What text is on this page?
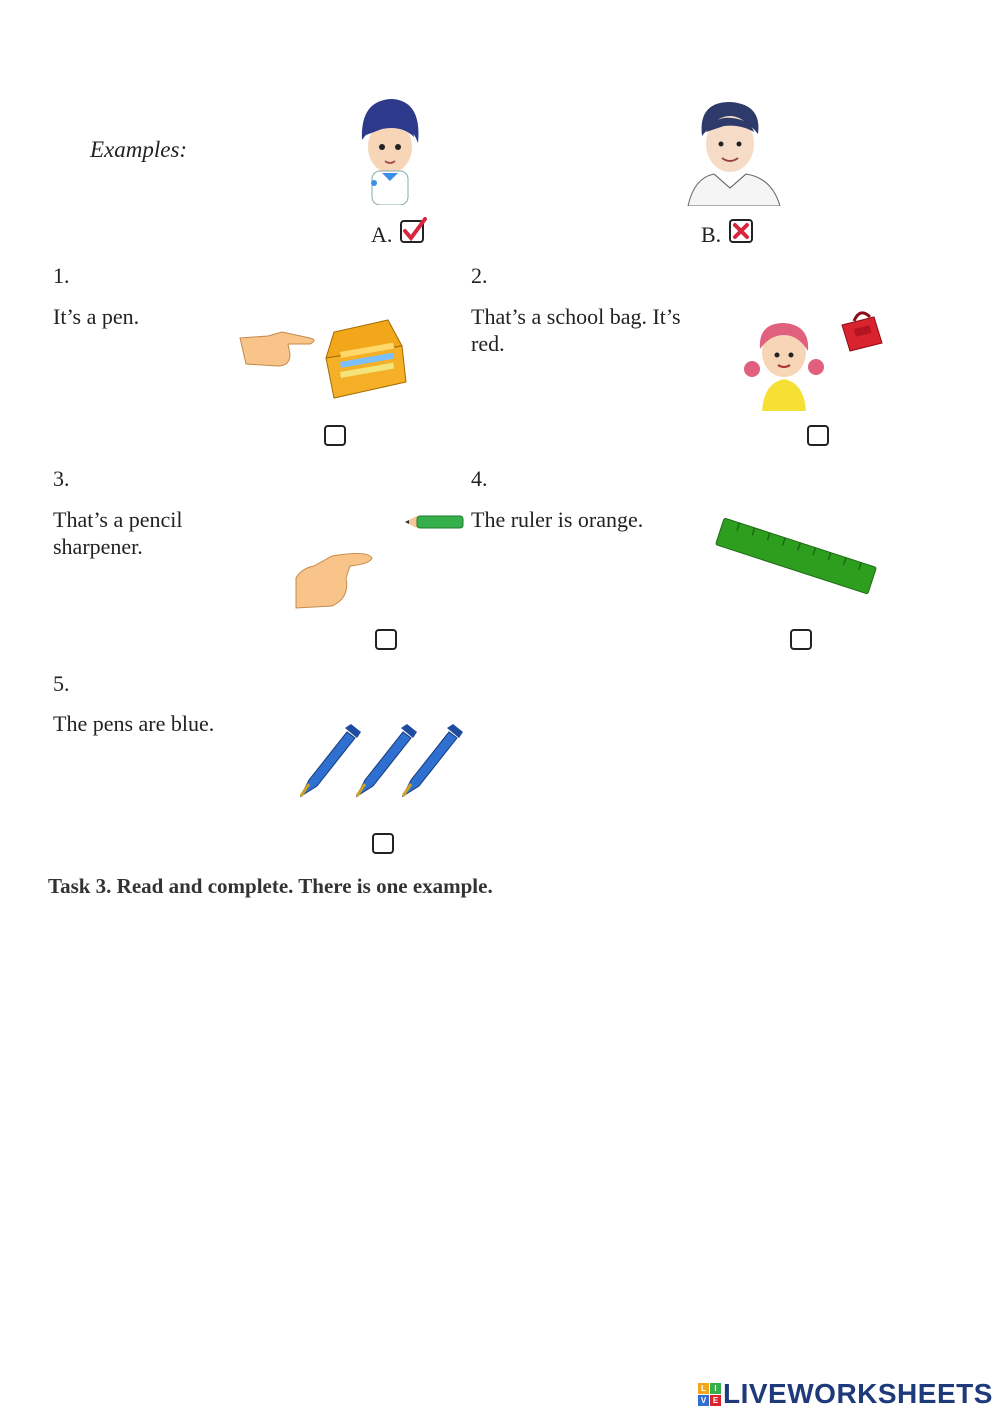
Examples:
A.	B.
1.
It’s a pen.
2.
That’s a school bag. It’s red.
3.
That’s a pencil sharpener.
4.
The ruler is orange.
5.
The pens are blue.
Task 3. Read and complete. There is one example.
L	I
V E LIVEWORKSHEETS
